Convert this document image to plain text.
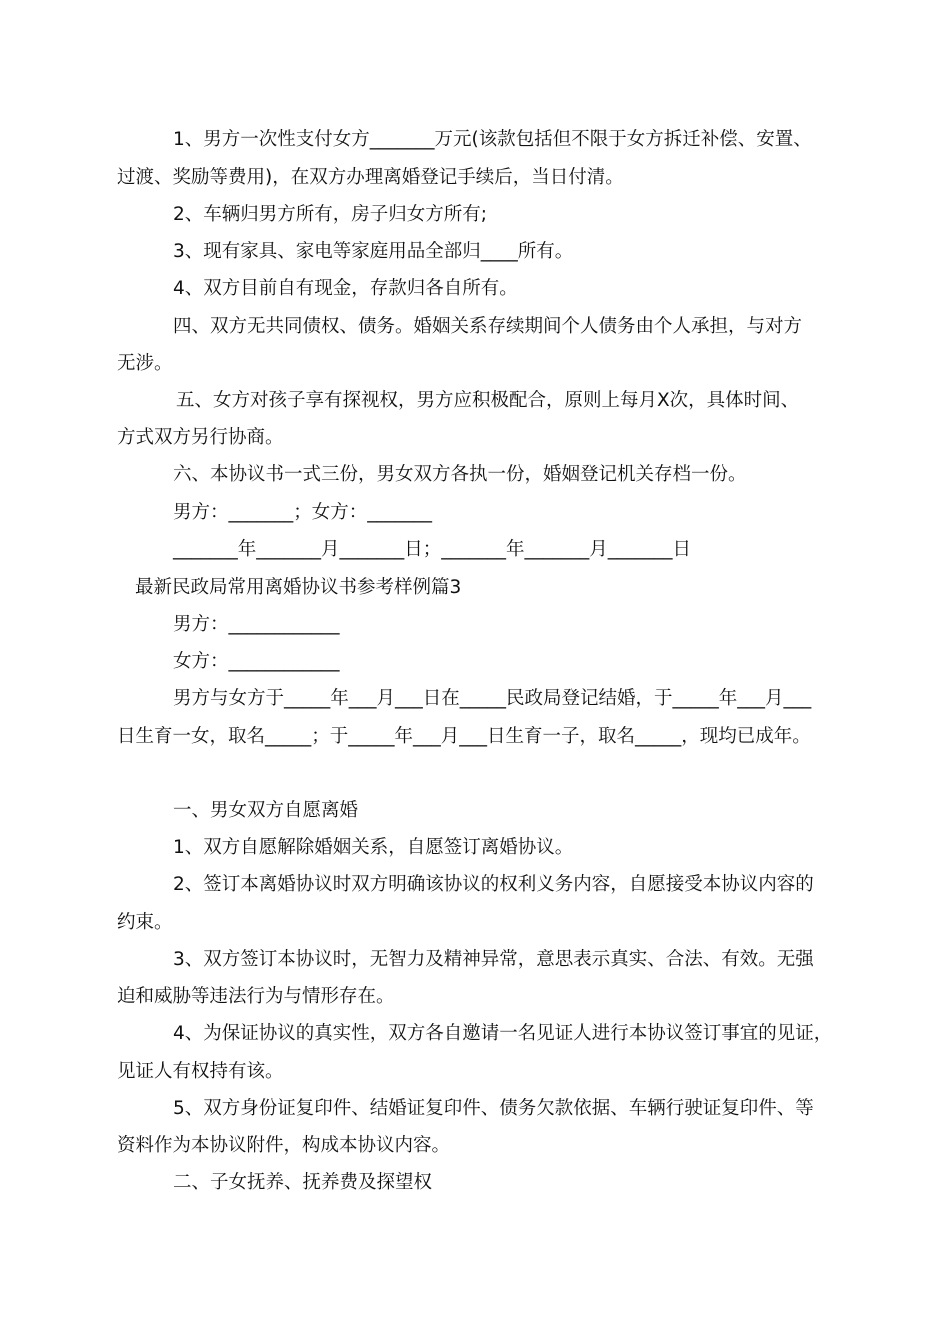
1、男方一次性支付女方_______万元(该款包括但不限于女方拆迁补偿、安置、
过渡、奖励等费用)，在双方办理离婚登记手续后，当日付清。
2、车辆归男方所有，房子归女方所有;
3、现有家具、家电等家庭用品全部归____所有。
4、双方目前自有现金，存款归各自所有。
四、双方无共同债权、债务。婚姻关系存续期间个人债务由个人承担，与对方
无涉。
五、女方对孩子享有探视权，男方应积极配合，原则上每月X次，具体时间、
方式双方另行协商。
六、本协议书一式三份，男女双方各执一份，婚姻登记机关存档一份。
男方：_______；女方：_______
_______年_______月_______日；_______年_______月_______日
最新民政局常用离婚协议书参考样例篇3
男方：____________
女方：____________
男方与女方于_____年___月___日在_____民政局登记结婚，于_____年___月___
日生育一女，取名_____；于_____年___月___日生育一子，取名_____，现均已成年。
一、男女双方自愿离婚
1、双方自愿解除婚姻关系，自愿签订离婚协议。
2、签订本离婚协议时双方明确该协议的权利义务内容，自愿接受本协议内容的
约束。
3、双方签订本协议时，无智力及精神异常，意思表示真实、合法、有效。无强
迫和威胁等违法行为与情形存在。
4、为保证协议的真实性，双方各自邀请一名见证人进行本协议签订事宜的见证，
见证人有权持有该。
5、双方身份证复印件、结婚证复印件、债务欠款依据、车辆行驶证复印件、等
资料作为本协议附件，构成本协议内容。
二、子女抚养、抚养费及探望权
